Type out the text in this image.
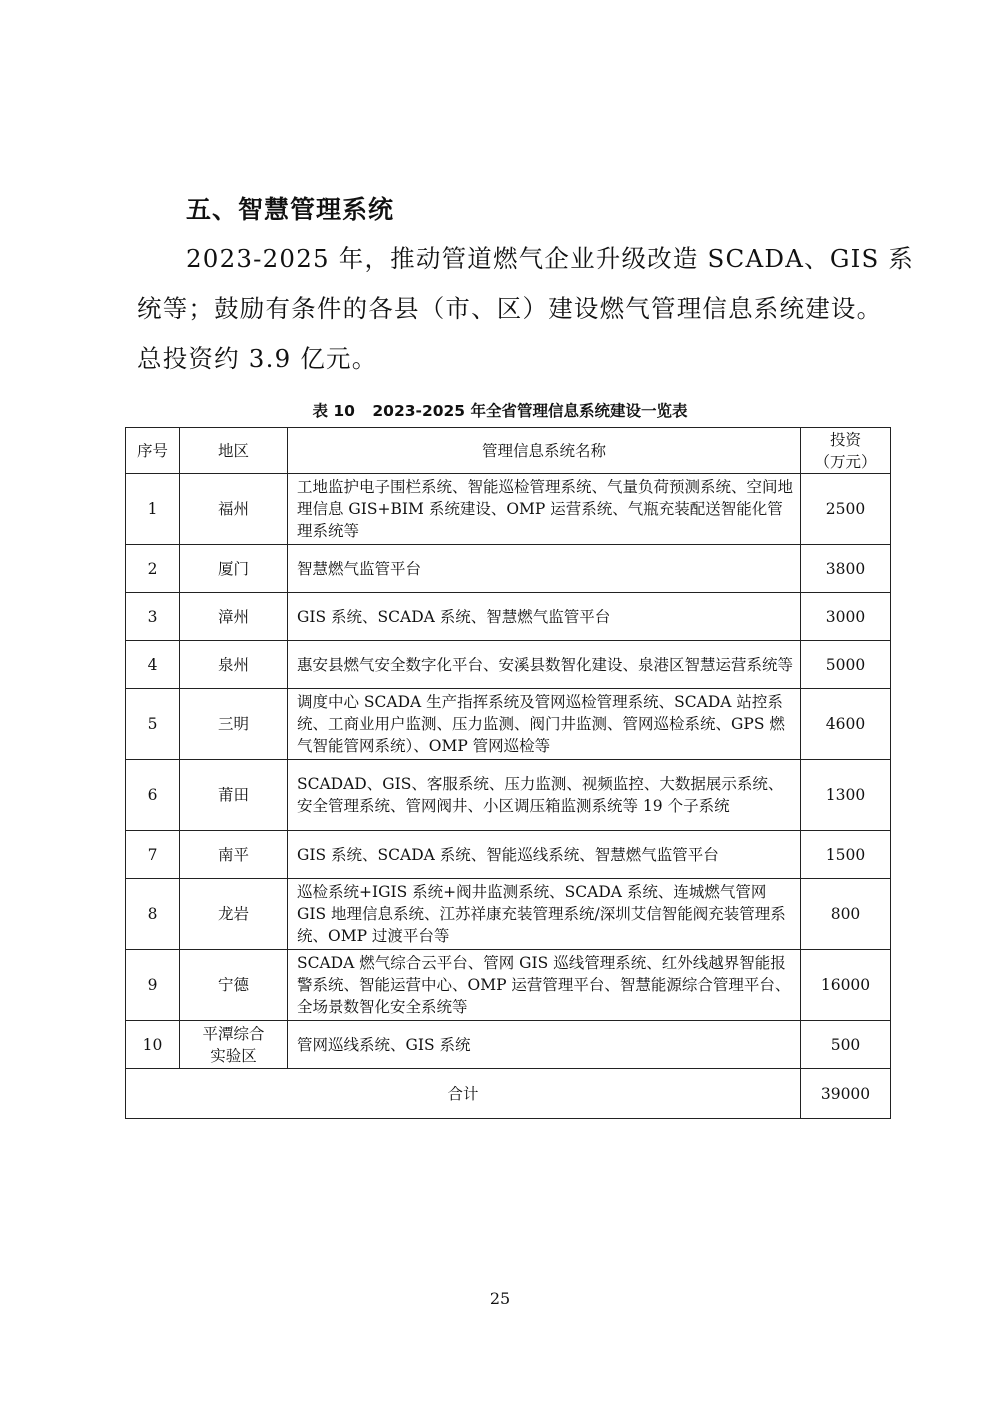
五、智慧管理系统
2023-2025 年，推动管道燃气企业升级改造 SCADA、GIS 系
统等；鼓励有条件的各县（市、区）建设燃气管理信息系统建设。
总投资约 3.9 亿元。
表 10 2023-2025 年全省管理信息系统建设一览表
序号	地区	管理信息系统名称	投资
（万元）

1	福州	工地监护电子围栏系统、智能巡检管理系统、气量负荷预测系统、空间地理信息 GIS+BIM 系统建设、OMP 运营系统、气瓶充装配送智能化管理系统等	2500
2	厦门	智慧燃气监管平台	3800
3	漳州	GIS 系统、SCADA 系统、智慧燃气监管平台	3000
4	泉州	惠安县燃气安全数字化平台、安溪县数智化建设、泉港区智慧运营系统等	5000
5	三明	调度中心 SCADA 生产指挥系统及管网巡检管理系统、SCADA 站控系统、工商业用户监测、压力监测、阀门井监测、管网巡检系统、GPS 燃气智能管网系统）、OMP 管网巡检等	4600
6	莆田	SCADAD、GIS、客服系统、压力监测、视频监控、大数据展示系统、安全管理系统、管网阀井、小区调压箱监测系统等 19 个子系统	1300
7	南平	GIS 系统、SCADA 系统、智能巡线系统、智慧燃气监管平台	1500
8	龙岩	巡检系统+IGIS 系统+阀井监测系统、SCADA 系统、连城燃气管网 GIS 地理信息系统、江苏祥康充装管理系统/深圳艾信智能阀充装管理系统、OMP 过渡平台等	800
9	宁德	SCADA 燃气综合云平台、管网 GIS 巡线管理系统、红外线越界智能报警系统、智能运营中心、OMP 运营管理平台、智慧能源综合管理平台、全场景数智化安全系统等	16000
10	平潭综合实验区	管网巡线系统、GIS 系统	500
合计			39000
25
